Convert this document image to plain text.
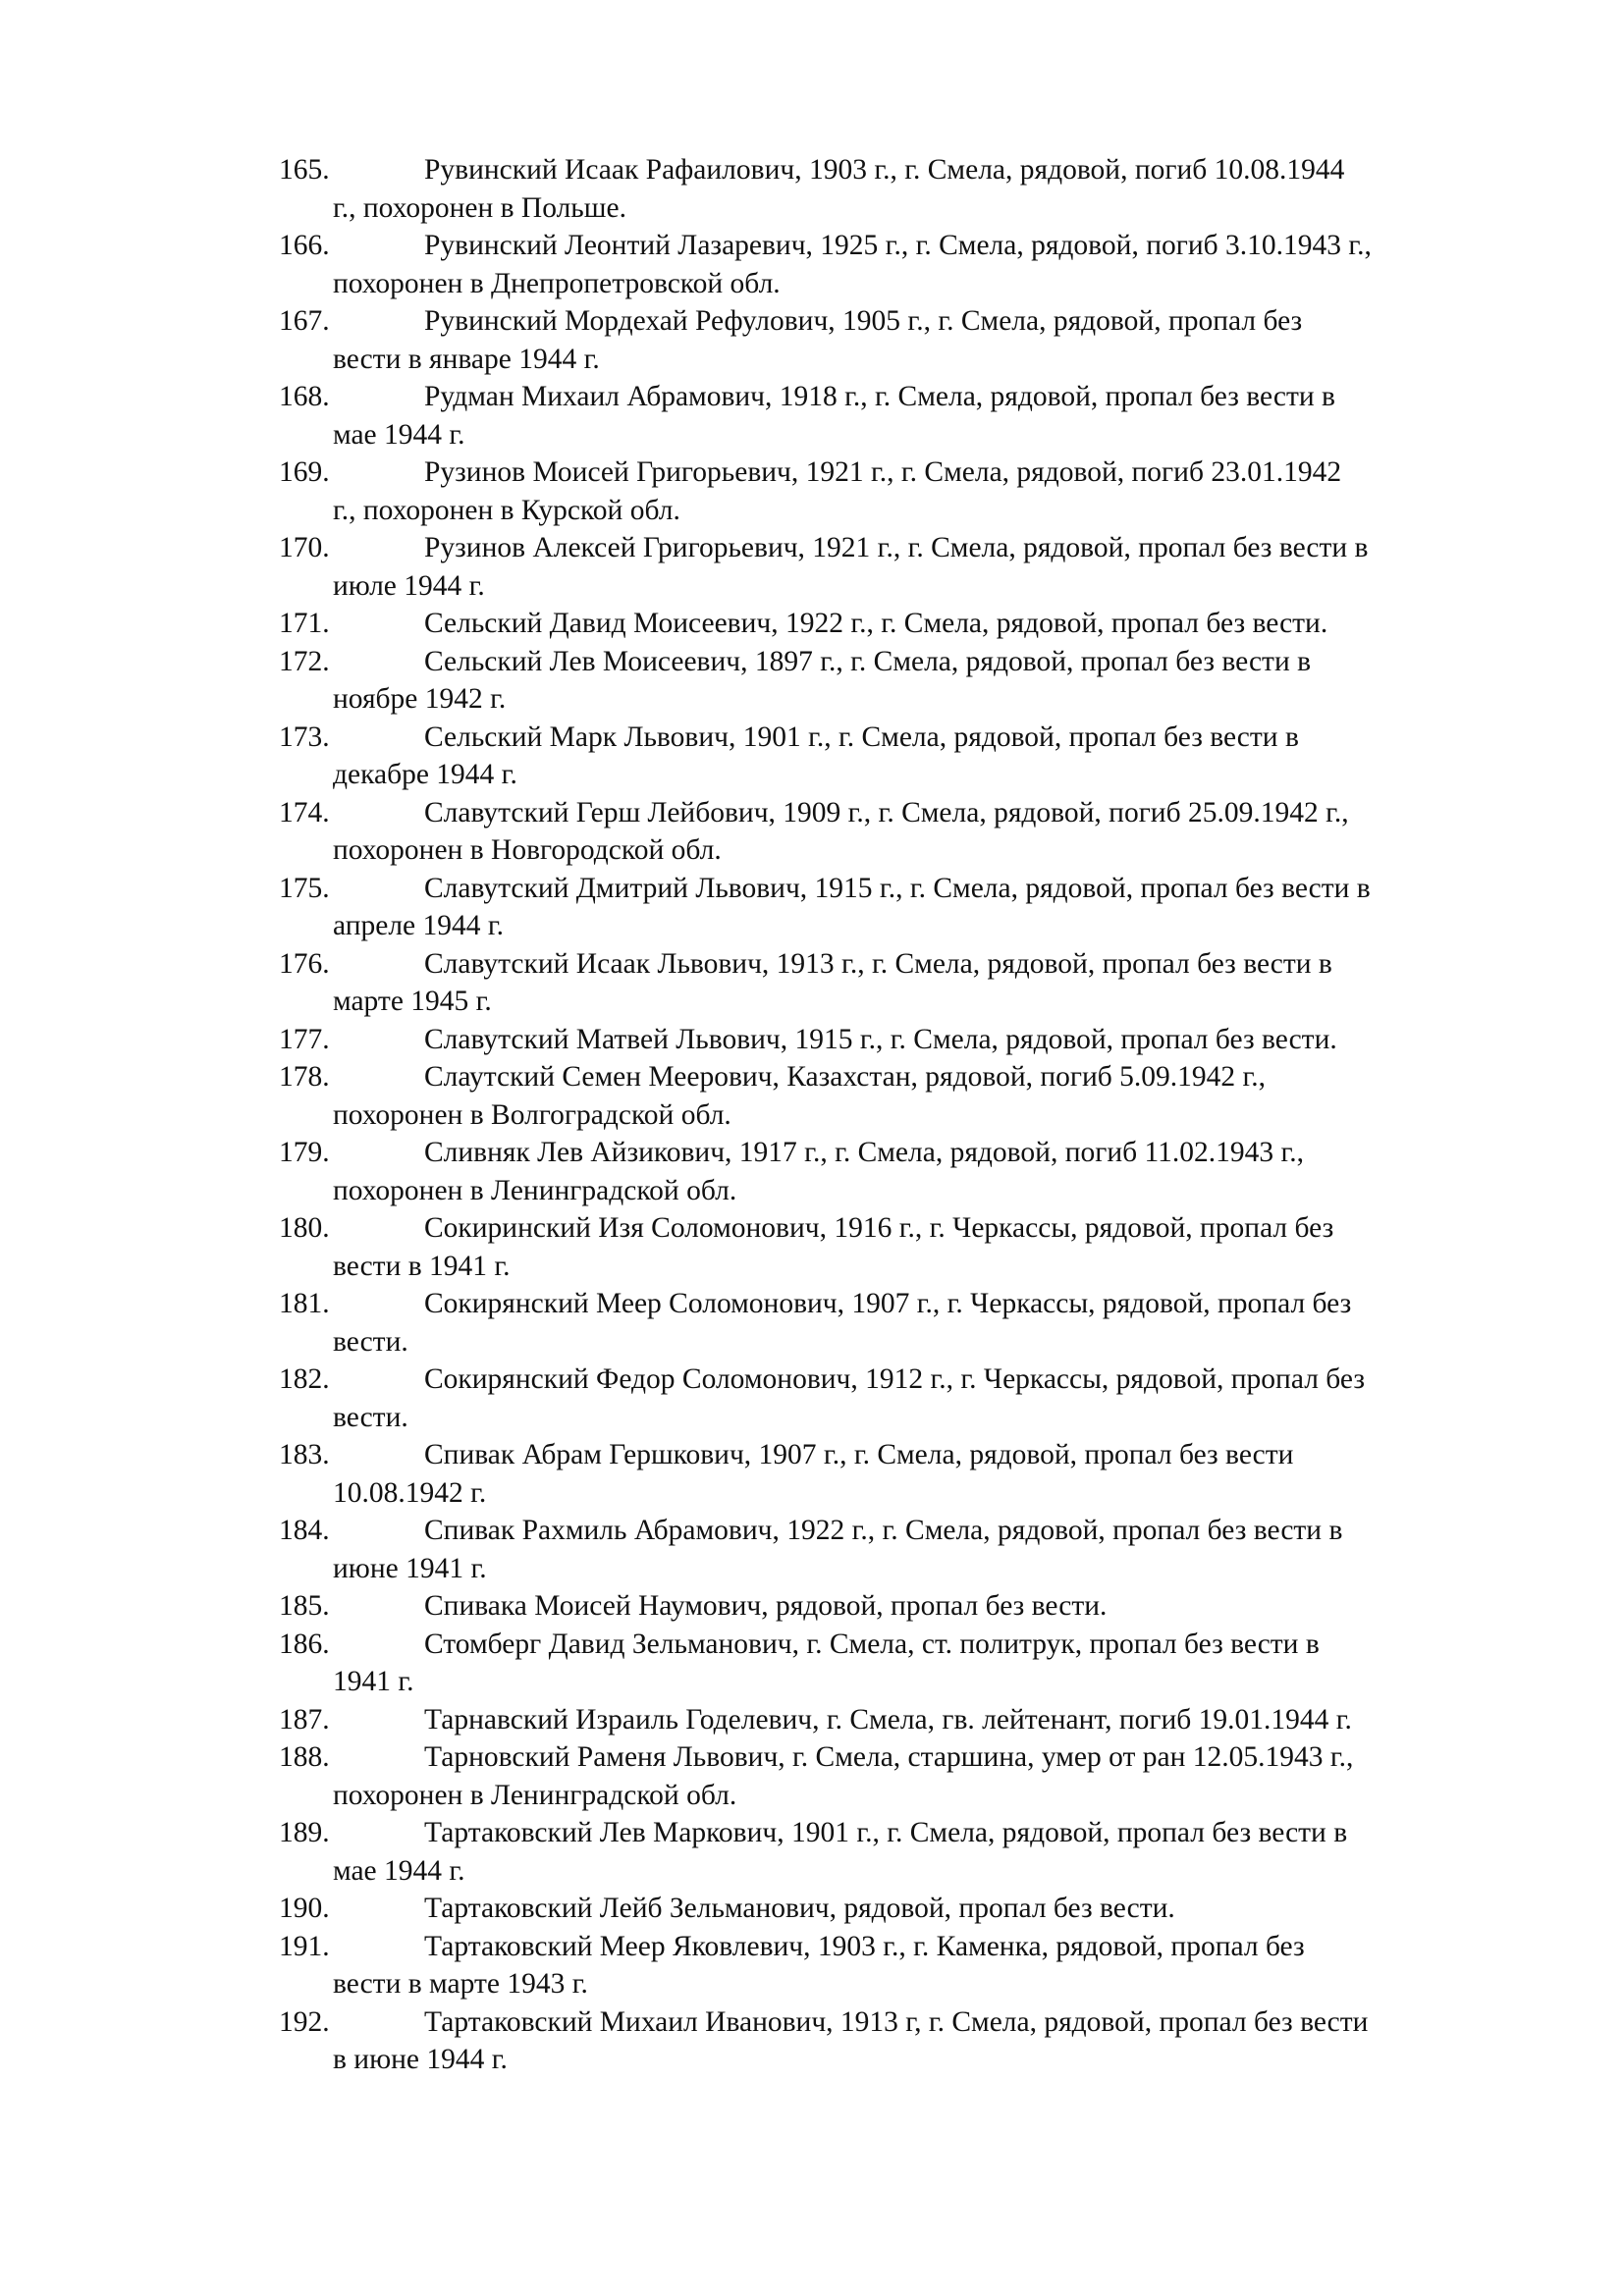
165.	Рувинский Исаак Рафаилович, 1903 г., г. Смела, рядовой, погиб 10.08.1944
г., похоронен в Польше.
166.	Рувинский Леонтий Лазаревич, 1925 г., г. Смела, рядовой, погиб 3.10.1943 г.,
похоронен в Днепропетровской обл.
167.	Рувинский Мордехай Рефулович, 1905 г., г. Смела, рядовой, пропал без
вести в январе 1944 г.
168.	Рудман Михаил Абрамович, 1918 г., г. Смела, рядовой, пропал без вести в
мае 1944 г.
169.	Рузинов Моисей Григорьевич, 1921 г., г. Смела, рядовой, погиб 23.01.1942
г., похоронен в Курской обл.
170.	Рузинов Алексей Григорьевич, 1921 г., г. Смела, рядовой, пропал без вести в
июле 1944 г.
171.	Сельский Давид Моисеевич, 1922 г., г. Смела, рядовой, пропал без вести.
172.	Сельский Лев Моисеевич, 1897 г., г. Смела, рядовой, пропал без вести в
ноябре 1942 г.
173.	Сельский Марк Львович, 1901 г., г. Смела, рядовой, пропал без вести в
декабре 1944 г.
174.	Славутский Герш Лейбович, 1909 г., г. Смела, рядовой, погиб 25.09.1942 г.,
похоронен в Новгородской обл.
175.	Славутский Дмитрий Львович, 1915 г., г. Смела, рядовой, пропал без вести в
апреле 1944 г.
176.	Славутский Исаак Львович, 1913 г., г. Смела, рядовой, пропал без вести в
марте 1945 г.
177.	Славутский Матвей Львович, 1915 г., г. Смела, рядовой, пропал без вести.
178.	Слаутский Семен Меерович, Казахстан, рядовой, погиб 5.09.1942 г.,
похоронен в Волгоградской обл.
179.	Сливняк Лев Айзикович, 1917 г., г. Смела, рядовой, погиб 11.02.1943 г.,
похоронен в Ленинградской обл.
180.	Сокиринский Изя Соломонович, 1916 г., г. Черкассы, рядовой, пропал без
вести в 1941 г.
181.	Сокирянский Меер Соломонович, 1907 г., г. Черкассы, рядовой, пропал без
вести.
182.	Сокирянский Федор Соломонович, 1912 г., г. Черкассы, рядовой, пропал без
вести.
183.	Спивак Абрам Гершкович, 1907 г., г. Смела, рядовой, пропал без вести
10.08.1942 г.
184.	Спивак Рахмиль Абрамович, 1922 г., г. Смела, рядовой, пропал без вести в
июне 1941 г.
185.	Спивака Моисей Наумович, рядовой, пропал без вести.
186.	Стомберг Давид Зельманович, г. Смела, ст. политрук, пропал без вести в
1941 г.
187.	Тарнавский Израиль Годелевич, г. Смела, гв. лейтенант, погиб 19.01.1944 г.
188.	Тарновский Раменя Львович, г. Смела, старшина, умер от ран 12.05.1943 г.,
похоронен в Ленинградской обл.
189.	Тартаковский Лев Маркович, 1901 г., г. Смела, рядовой, пропал без вести в
мае 1944 г.
190.	Тартаковский Лейб Зельманович, рядовой, пропал без вести.
191.	Тартаковский Меер Яковлевич, 1903 г., г. Каменка, рядовой, пропал без
вести в марте 1943 г.
192.	Тартаковский Михаил Иванович, 1913 г, г. Смела, рядовой, пропал без вести
в июне 1944 г.
